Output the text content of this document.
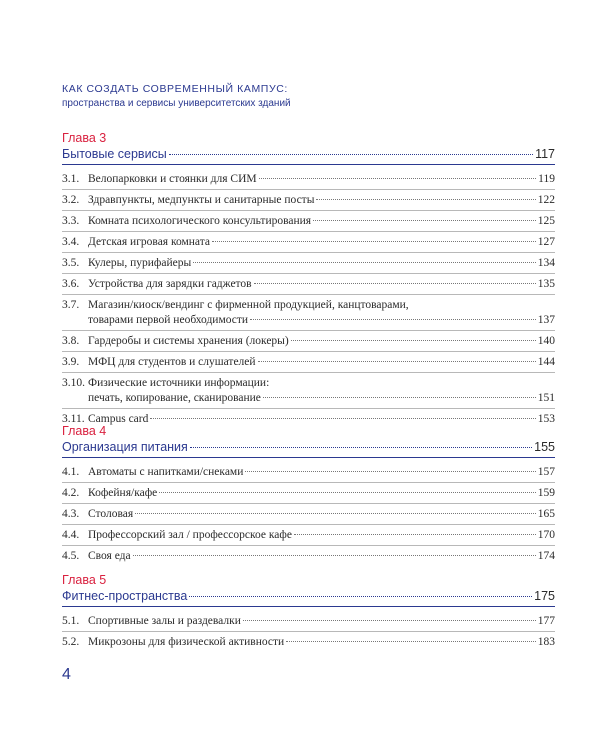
КАК СОЗДАТЬ СОВРЕМЕННЫЙ КАМПУС:
пространства и сервисы университетских зданий
Глава 3
Бытовые сервисы	117
3.1. Велопарковки и стоянки для СИМ	119
3.2. Здравпункты, медпункты и санитарные посты	122
3.3. Комната психологического консультирования	125
3.4. Детская игровая комната	127
3.5. Кулеры, пурифайеры	134
3.6. Устройства для зарядки гаджетов	135
3.7. Магазин/киоск/вендинг с фирменной продукцией, канцтоварами,
товарами первой необходимости	137
3.8. Гардеробы и системы хранения (локеры)	140
3.9. МФЦ для студентов и слушателей	144
3.10. Физические источники информации:
печать, копирование, сканирование	151
3.11. Campus card	153
Глава 4
Организация питания	155
4.1. Автоматы с напитками/снеками	157
4.2. Кофейня/кафе	159
4.3. Столовая	165
4.4. Профессорский зал / профессорское кафе	170
4.5. Своя еда	174
Глава 5
Фитнес-пространства	175
5.1. Спортивные залы и раздевалки	177
5.2. Микрозоны для физической активности	183
4
